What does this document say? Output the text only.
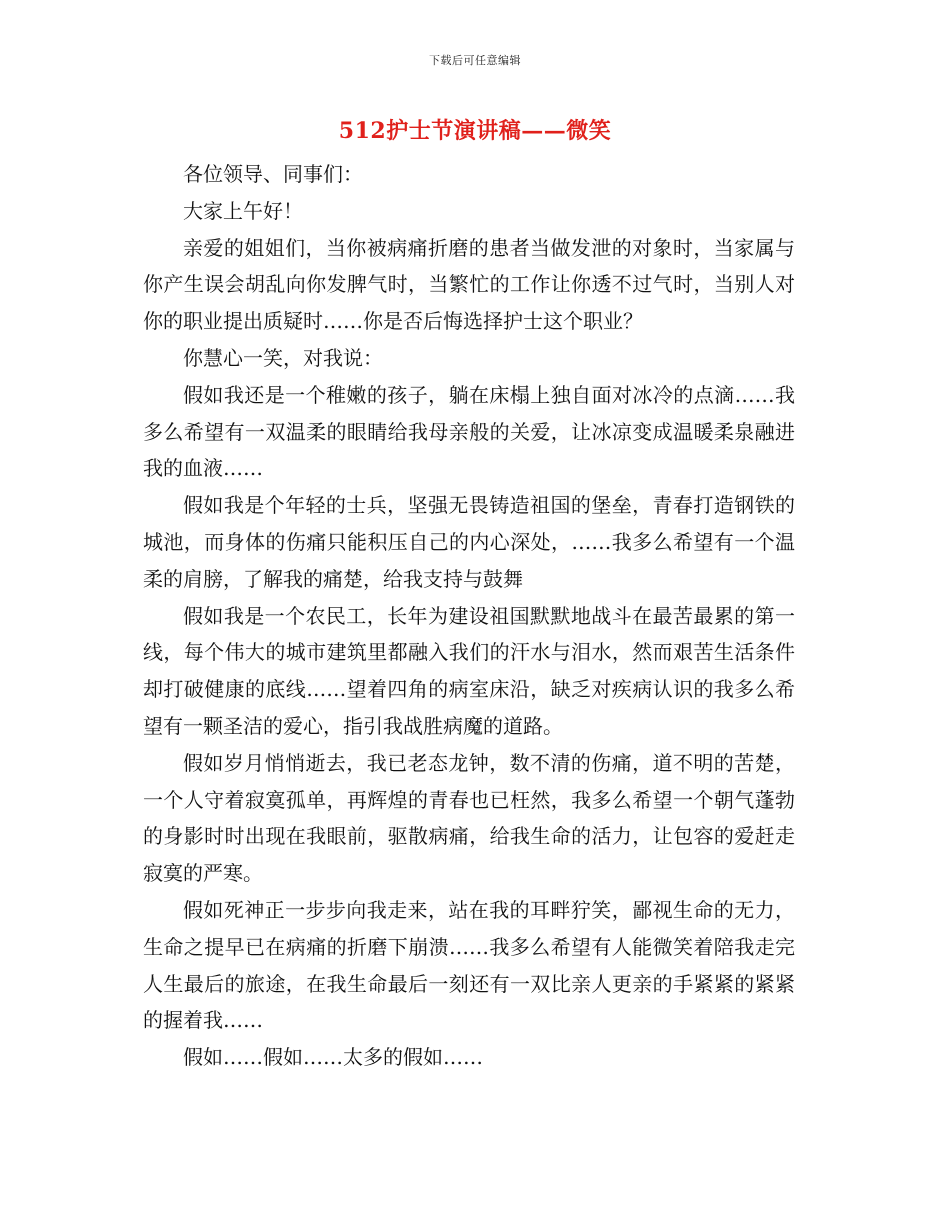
下载后可任意编辑
512护士节演讲稿——微笑

各位领导、同事们：

大家上午好！

亲爱的姐姐们，当你被病痛折磨的患者当做发泄的对象时，当家属与你产生误会胡乱向你发脾气时，当繁忙的工作让你透不过气时，当别人对你的职业提出质疑时……你是否后悔选择护士这个职业？

你慧心一笑，对我说：

假如我还是一个稚嫩的孩子，躺在床榻上独自面对冰冷的点滴……我多么希望有一双温柔的眼睛给我母亲般的关爱，让冰凉变成温暖柔泉融进我的血液……

假如我是个年轻的士兵，坚强无畏铸造祖国的堡垒，青春打造钢铁的城池，而身体的伤痛只能积压自己的内心深处，……我多么希望有一个温柔的肩膀，了解我的痛楚，给我支持与鼓舞

假如我是一个农民工，长年为建设祖国默默地战斗在最苦最累的第一线，每个伟大的城市建筑里都融入我们的汗水与泪水，然而艰苦生活条件却打破健康的底线……望着四角的病室床沿，缺乏对疾病认识的我多么希望有一颗圣洁的爱心，指引我战胜病魔的道路。

假如岁月悄悄逝去，我已老态龙钟，数不清的伤痛，道不明的苦楚，一个人守着寂寞孤单，再辉煌的青春也已枉然，我多么希望一个朝气蓬勃的身影时时出现在我眼前，驱散病痛，给我生命的活力，让包容的爱赶走寂寞的严寒。

假如死神正一步步向我走来，站在我的耳畔狞笑，鄙视生命的无力，生命之提早已在病痛的折磨下崩溃……我多么希望有人能微笑着陪我走完人生最后的旅途，在我生命最后一刻还有一双比亲人更亲的手紧紧的紧紧的握着我……

假如……假如……太多的假如……
